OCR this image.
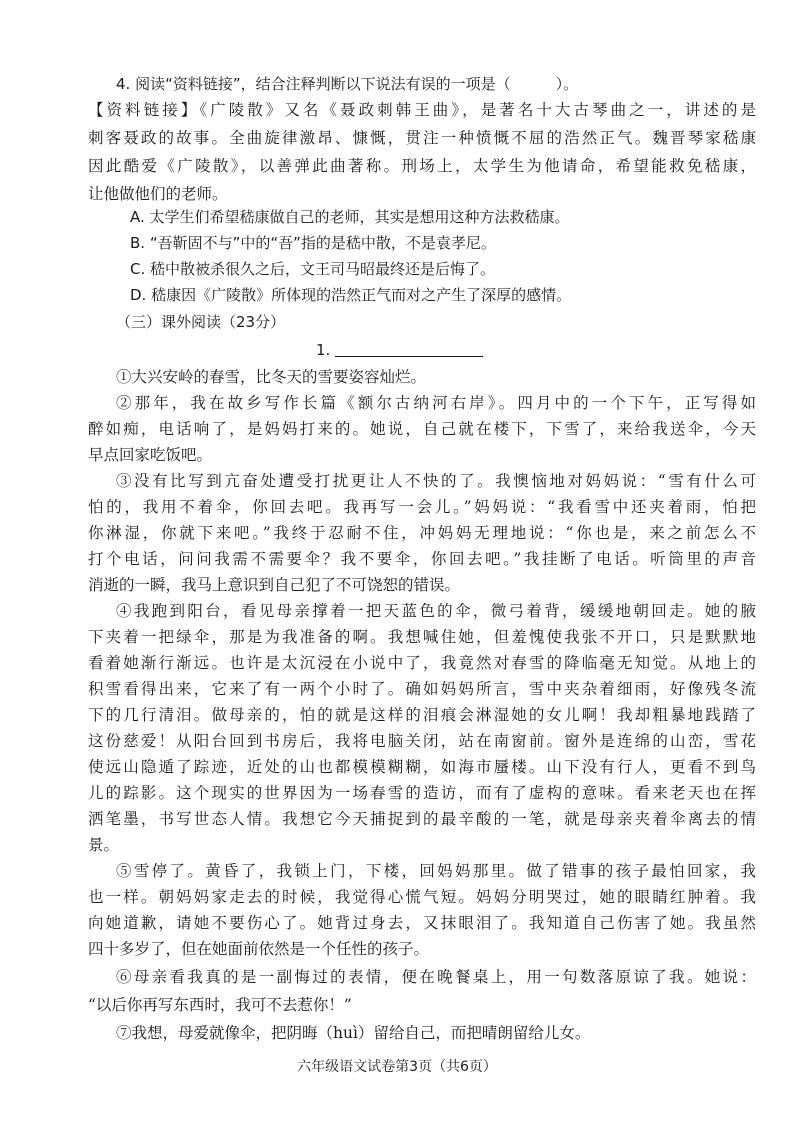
4. 阅读“资料链接”，结合注释判断以下说法有误的一项是（　　　）。
【资料链接】《广陵散》又名《聂政刺韩王曲》，是著名十大古琴曲之一，讲述的是
刺客聂政的故事。全曲旋律激昂、慷慨，贯注一种愤慨不屈的浩然正气。魏晋琴家嵇康
因此酷爱《广陵散》，以善弹此曲著称。刑场上，太学生为他请命，希望能救免嵇康，
让他做他们的老师。
A. 太学生们希望嵇康做自己的老师，其实是想用这种方法救嵇康。
B. “吾靳固不与”中的“吾”指的是嵇中散，不是袁孝尼。
C. 嵇中散被杀很久之后，文王司马昭最终还是后悔了。
D. 嵇康因《广陵散》所体现的浩然正气而对之产生了深厚的感情。
（三）课外阅读（23分）
1.
①大兴安岭的春雪，比冬天的雪要姿容灿烂。
②那年，我在故乡写作长篇《额尔古纳河右岸》。四月中的一个下午，正写得如
醉如痴，电话响了，是妈妈打来的。她说，自己就在楼下，下雪了，来给我送伞，今天
早点回家吃饭吧。
③没有比写到亢奋处遭受打扰更让人不快的了。我懊恼地对妈妈说：“雪有什么可
怕的，我用不着伞，你回去吧。我再写一会儿。”妈妈说：“我看雪中还夹着雨，怕把
你淋湿，你就下来吧。”我终于忍耐不住，冲妈妈无理地说：“你也是，来之前怎么不
打个电话，问问我需不需要伞？我不要伞，你回去吧。”我挂断了电话。听筒里的声音
消逝的一瞬，我马上意识到自己犯了不可饶恕的错误。
④我跑到阳台，看见母亲撑着一把天蓝色的伞，微弓着背，缓缓地朝回走。她的腋
下夹着一把绿伞，那是为我准备的啊。我想喊住她，但羞愧使我张不开口，只是默默地
看着她渐行渐远。也许是太沉浸在小说中了，我竟然对春雪的降临毫无知觉。从地上的
积雪看得出来，它来了有一两个小时了。确如妈妈所言，雪中夹杂着细雨，好像残冬流
下的几行清泪。做母亲的，怕的就是这样的泪痕会淋湿她的女儿啊！我却粗暴地践踏了
这份慈爱！从阳台回到书房后，我将电脑关闭，站在南窗前。窗外是连绵的山峦，雪花
使远山隐遁了踪迹，近处的山也都模模糊糊，如海市蜃楼。山下没有行人，更看不到鸟
儿的踪影。这个现实的世界因为一场春雪的造访，而有了虚构的意味。看来老天也在挥
洒笔墨，书写世态人情。我想它今天捕捉到的最辛酸的一笔，就是母亲夹着伞离去的情
景。
⑤雪停了。黄昏了，我锁上门，下楼，回妈妈那里。做了错事的孩子最怕回家，我
也一样。朝妈妈家走去的时候，我觉得心慌气短。妈妈分明哭过，她的眼睛红肿着。我
向她道歉，请她不要伤心了。她背过身去，又抹眼泪了。我知道自己伤害了她。我虽然
四十多岁了，但在她面前依然是一个任性的孩子。
⑥母亲看我真的是一副悔过的表情，便在晚餐桌上，用一句数落原谅了我。她说：
“以后你再写东西时，我可不去惹你！”
⑦我想，母爱就像伞，把阴晦（huì）留给自己，而把晴朗留给儿女。
六年级语文试卷第3页（共6页）
